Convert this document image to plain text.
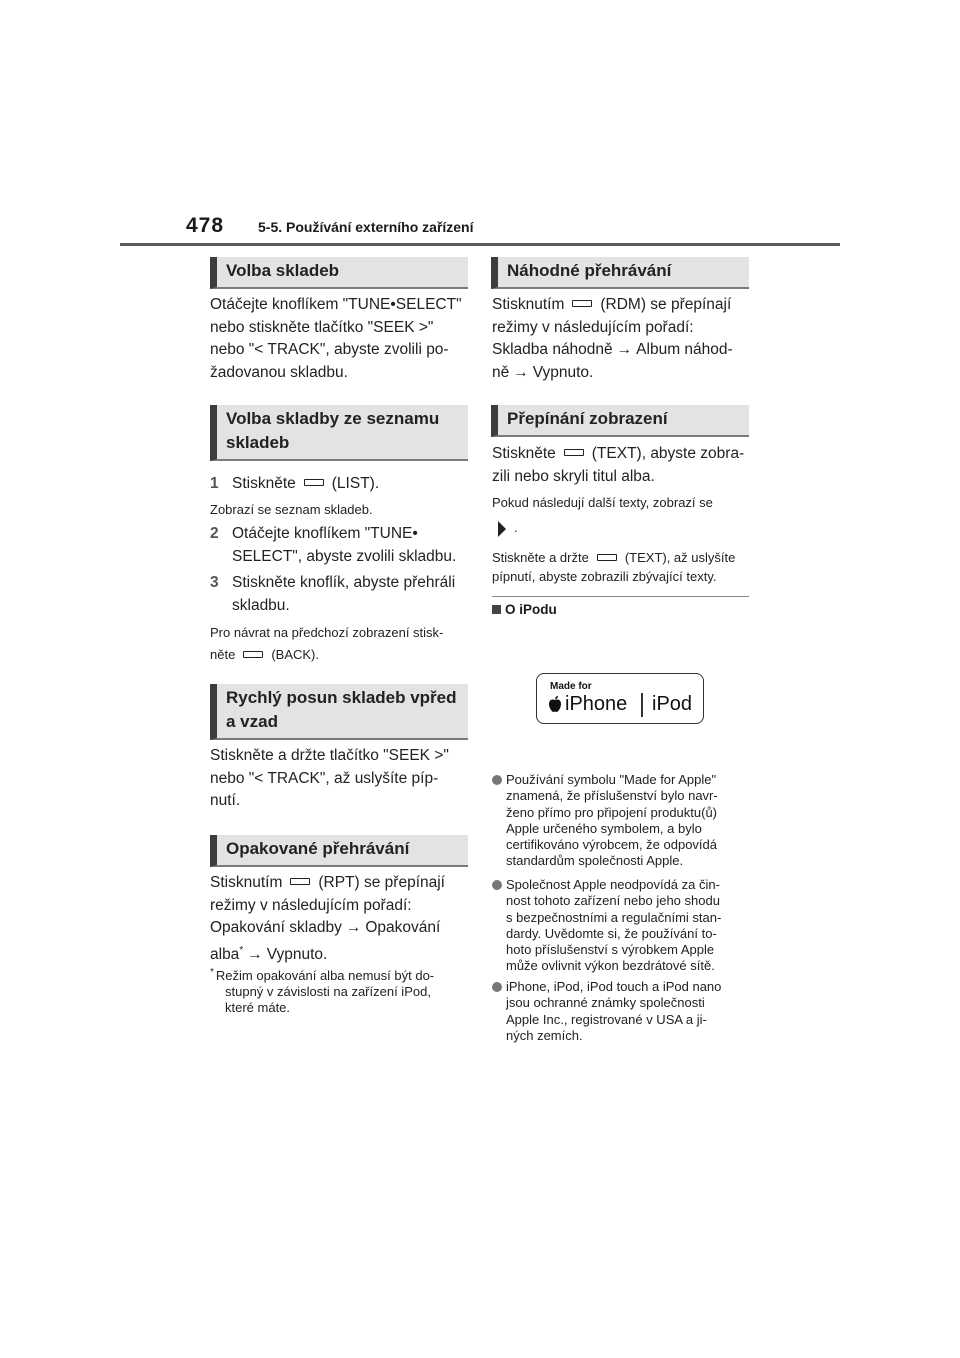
478 5-5. Používání externího zařízení
Volba skladeb
Otáčejte knoflíkem "TUNE•SELECT"
nebo stiskněte tlačítko "SEEK >"
nebo "< TRACK", abyste zvolili po-
žadovanou skladbu.
Volba skladby ze seznamu
skladeb
1 Stiskněte (LIST).
Zobrazí se seznam skladeb.
2 Otáčejte knoflíkem "TUNE•
SELECT", abyste zvolili skladbu.
3 Stiskněte knoflík, abyste přehráli
skladbu.
Pro návrat na předchozí zobrazení stisk-
něte	(BACK).
Rychlý posun skladeb vpřed
a vzad
Stiskněte a držte tlačítko "SEEK >"
nebo "< TRACK", až uslyšíte píp-
nutí.
Opakované přehrávání
Stisknutím (RPT) se přepínají
režimy v následujícím pořadí:
Opakování skladby → Opakování
alba* → Vypnuto.
* Režim opakování alba nemusí být do-
stupný v závislosti na zařízení iPod,
které máte.
Náhodné přehrávání
Stisknutím (RDM) se přepínají
režimy v následujícím pořadí:
Skladba náhodně → Album náhod-
ně → Vypnuto.
Přepínání zobrazení
Stiskněte (TEXT), abyste zobra-
zili nebo skryli titul alba.
Pokud následují další texty, zobrazí se
.
Stiskněte a držte	(TEXT), až uslyšíte
pípnutí, abyste zobrazili zbývající texty.
O iPodu
Made for
iPhone iPod
Používání symbolu "Made for Apple"
znamená, že příslušenství bylo navr-
ženo přímo pro připojení produktu(ů)
Apple určeného symbolem, a bylo
certifikováno výrobcem, že odpovídá
standardům společnosti Apple.
Společnost Apple neodpovídá za čin-
nost tohoto zařízení nebo jeho shodu
s bezpečnostními a regulačními stan-
dardy. Uvědomte si, že používání to-
hoto příslušenství s výrobkem Apple
může ovlivnit výkon bezdrátové sítě.
iPhone, iPod, iPod touch a iPod nano
jsou ochranné známky společnosti
Apple Inc., registrované v USA a ji-
ných zemích.
